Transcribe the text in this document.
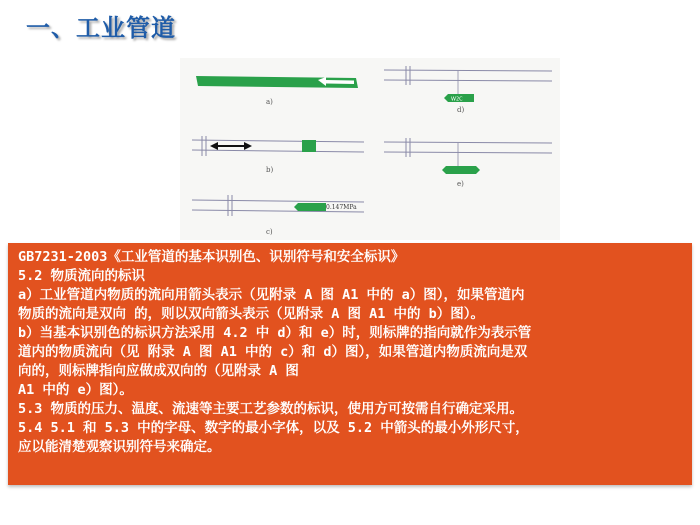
一、工业管道
a)	W2C
d)
b)
e)
0.147MPa
c)

GB7231-2003《工业管道的基本识别色、识别符号和安全标识》

5.2 物质流向的标识

a）工业管道内物质的流向用箭头表示（见附录 A 图 A1 中的 a）图），如果管道内

物质的流向是双向 的，则以双向箭头表示（见附录 A 图 A1 中的 b）图）。

b）当基本识别色的标识方法采用 4.2 中 d）和 e）时，则标牌的指向就作为表示管

道内的物质流向（见 附录 A 图 A1 中的 c）和 d）图），如果管道内物质流向是双

向的，则标牌指向应做成双向的（见附录 A 图

A1 中的 e）图）。

5.3 物质的压力、温度、流速等主要工艺参数的标识，使用方可按需自行确定采用。

5.4 5.1 和 5.3 中的字母、数字的最小字体，以及 5.2 中箭头的最小外形尺寸，

应以能清楚观察识别符号来确定。
